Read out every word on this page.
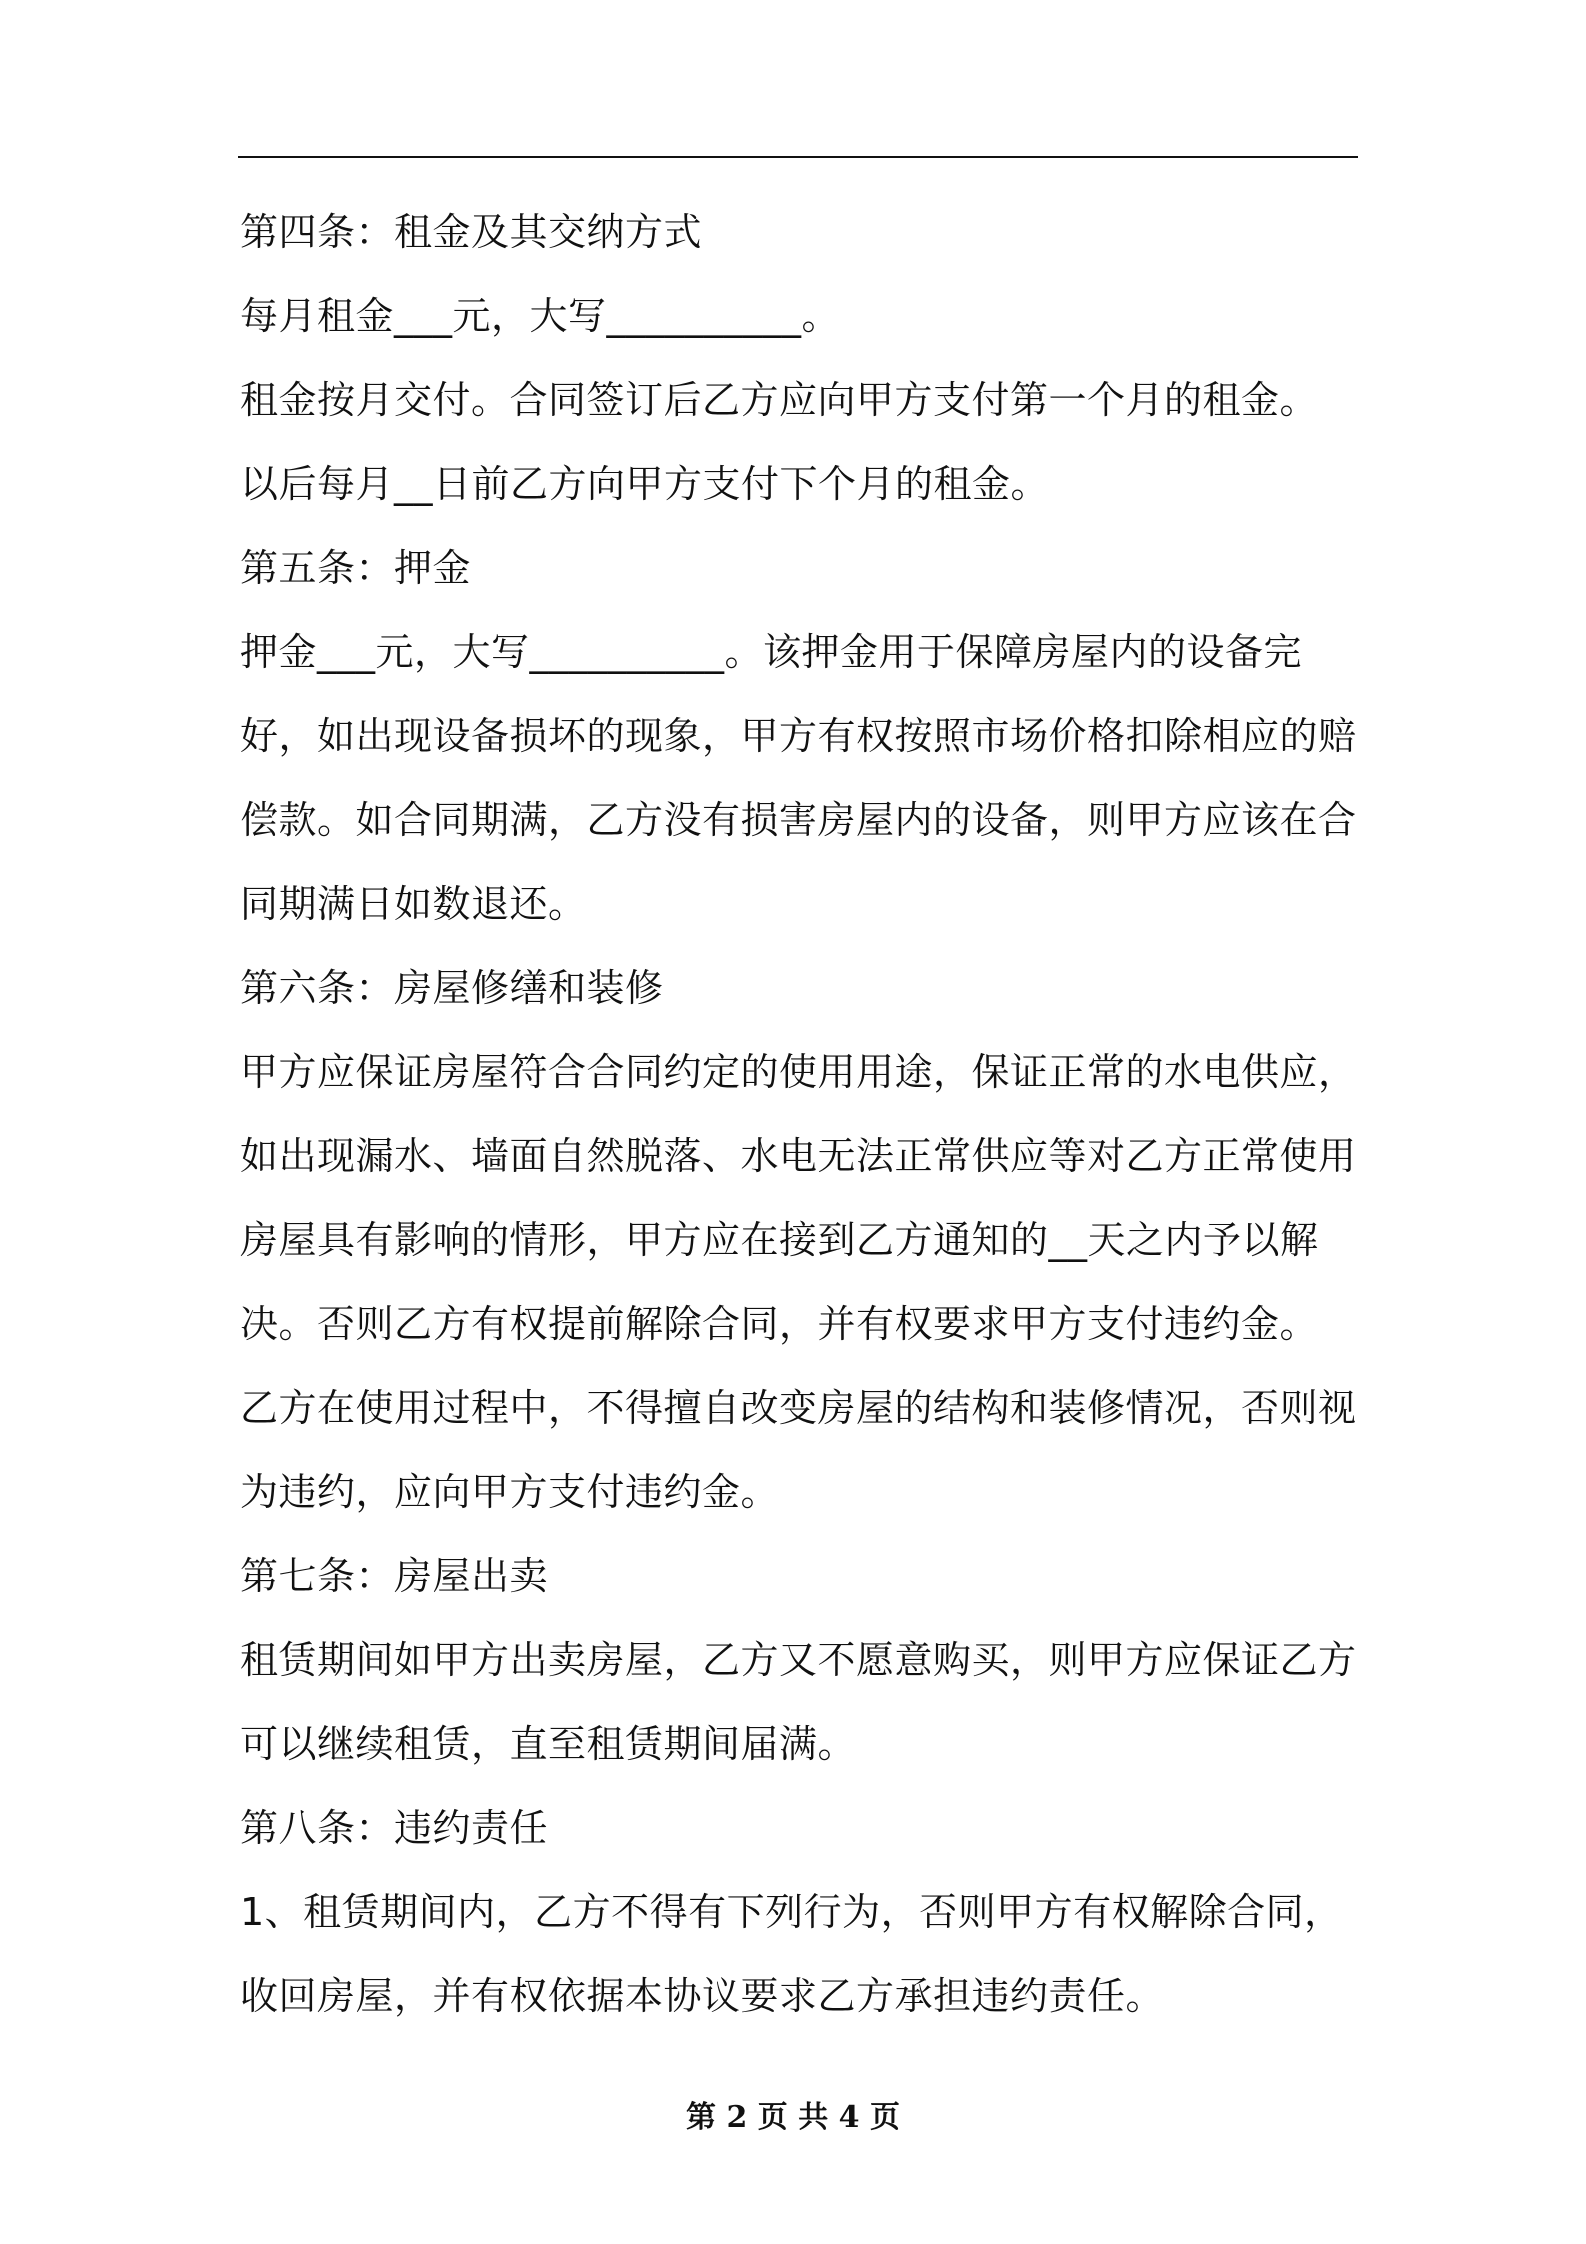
第四条：租金及其交纳方式

每月租金___元，大写__________。

租金按月交付。合同签订后乙方应向甲方支付第一个月的租金。

以后每月__日前乙方向甲方支付下个月的租金。

第五条：押金

押金___元，大写__________。该押金用于保障房屋内的设备完好，如出现设备损坏的现象，甲方有权按照市场价格扣除相应的赔偿款。如合同期满，乙方没有损害房屋内的设备，则甲方应该在合同期满日如数退还。

第六条：房屋修缮和装修

甲方应保证房屋符合合同约定的使用用途，保证正常的水电供应，如出现漏水、墙面自然脱落、水电无法正常供应等对乙方正常使用房屋具有影响的情形，甲方应在接到乙方通知的__天之内予以解决。否则乙方有权提前解除合同，并有权要求甲方支付违约金。

乙方在使用过程中，不得擅自改变房屋的结构和装修情况，否则视为违约，应向甲方支付违约金。

第七条：房屋出卖

租赁期间如甲方出卖房屋，乙方又不愿意购买，则甲方应保证乙方可以继续租赁，直至租赁期间届满。

第八条：违约责任

1、租赁期间内，乙方不得有下列行为，否则甲方有权解除合同，收回房屋，并有权依据本协议要求乙方承担违约责任。

第 2 页 共 4 页
